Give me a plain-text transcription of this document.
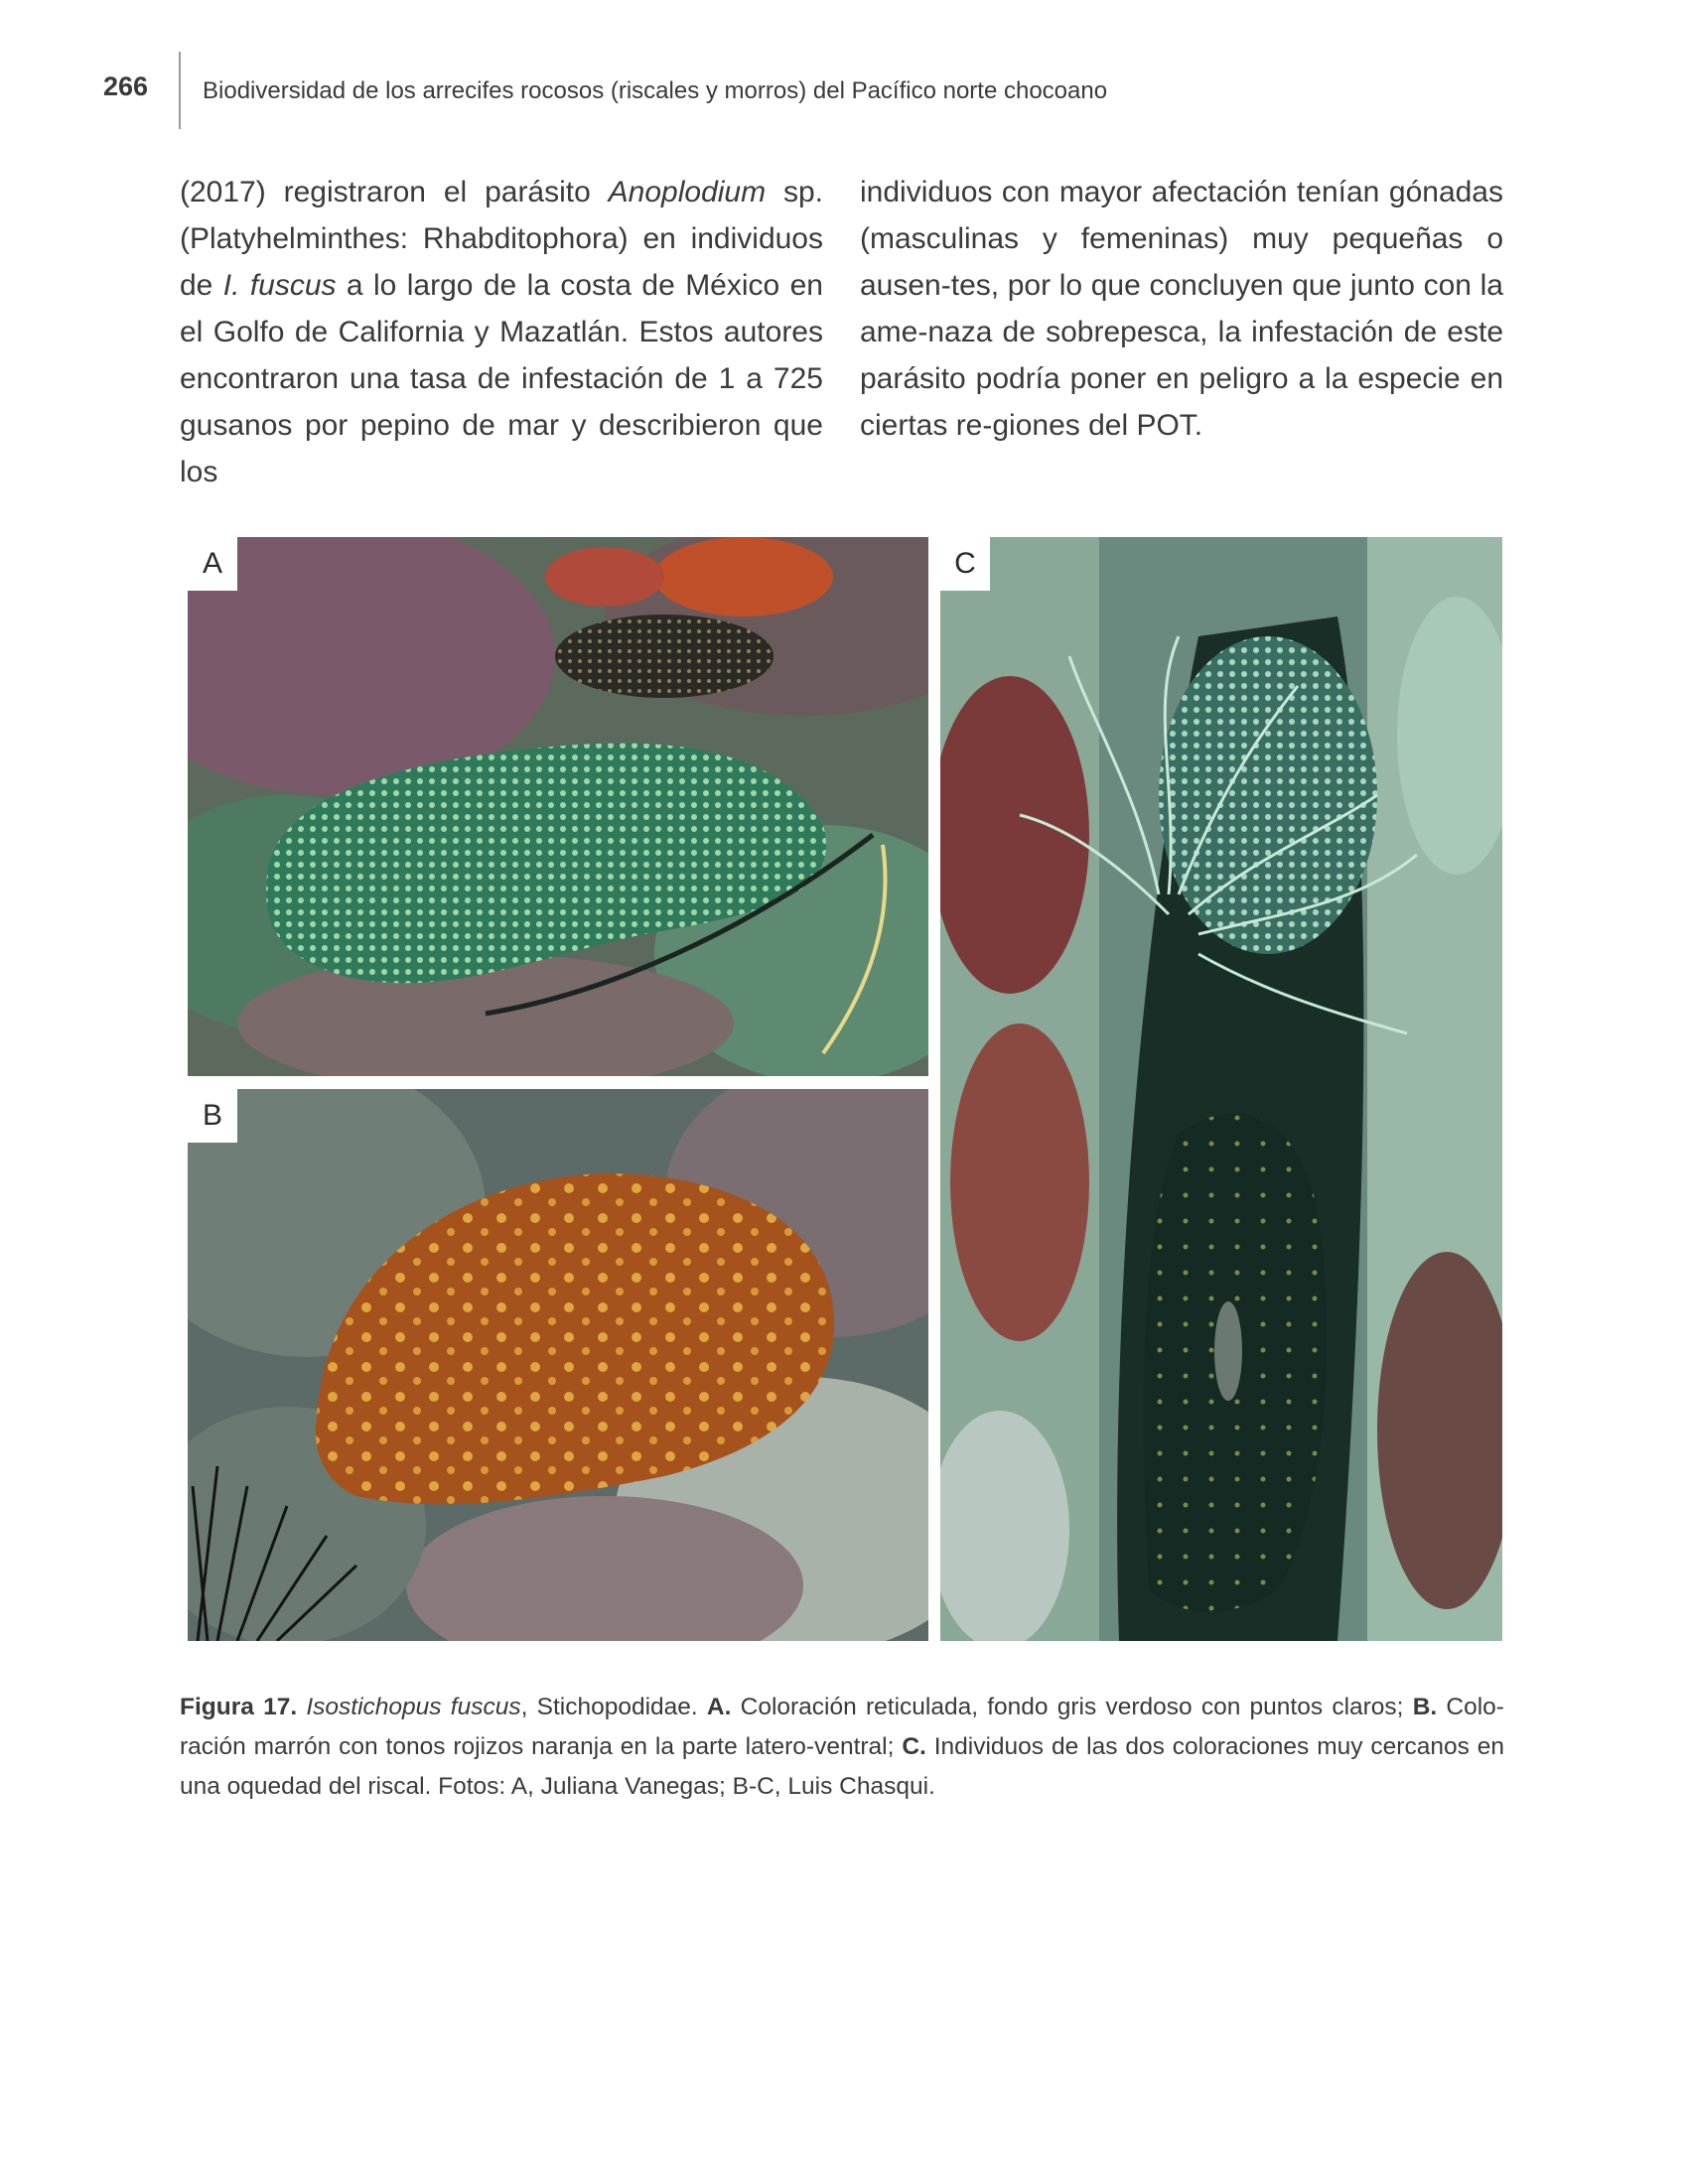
266 Biodiversidad de los arrecifes rocosos (riscales y morros) del Pacífico norte chocoano

(2017) registraron el parásito Anoplodium sp. (Platyhelminthes: Rhabditophora) en individuos de I. fuscus a lo largo de la costa de México en el Golfo de California y Mazatlán. Estos autores encontraron una tasa de infestación de 1 a 725 gusanos por pepino de mar y describieron que los

individuos con mayor afectación tenían gónadas (masculinas y femeninas) muy pequeñas o ausen-tes, por lo que concluyen que junto con la ame-naza de sobrepesca, la infestación de este parásito podría poner en peligro a la especie en ciertas re-giones del POT.

A
B
C
Figura 17. Isostichopus fuscus, Stichopodidae. A. Coloración reticulada, fondo gris verdoso con puntos claros; B. Colo-ración marrón con tonos rojizos naranja en la parte latero-ventral; C. Individuos de las dos coloraciones muy cercanos en una oquedad del riscal. Fotos: A, Juliana Vanegas; B-C, Luis Chasqui.
